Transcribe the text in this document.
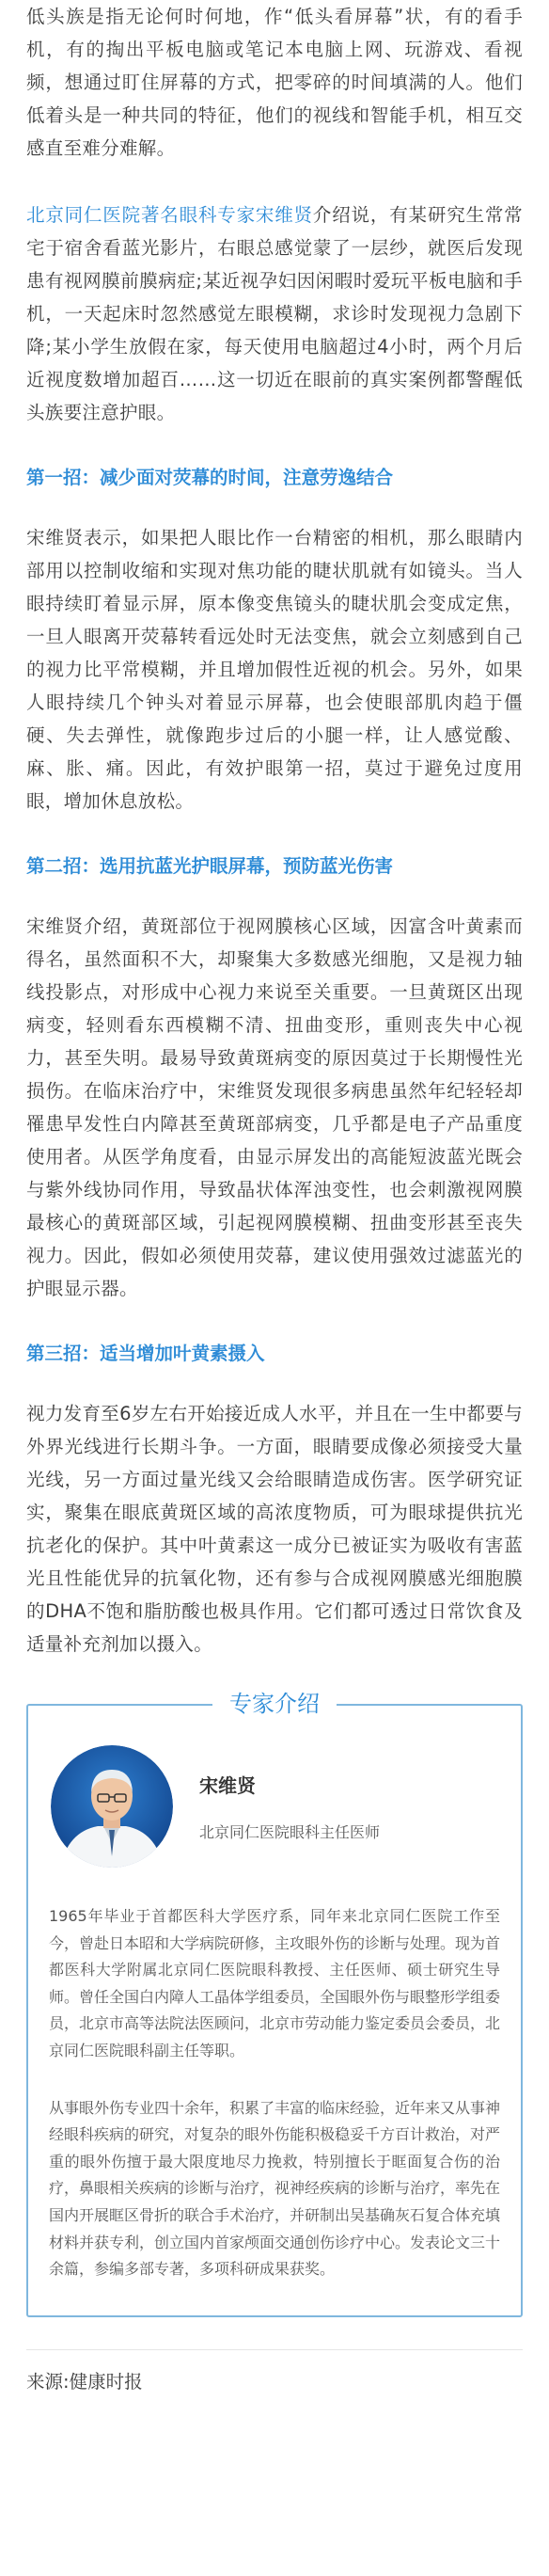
低头族是指无论何时何地，作“低头看屏幕”状，有的看手机，有的掏出平板电脑或笔记本电脑上网、玩游戏、看视频，想通过盯住屏幕的方式，把零碎的时间填满的人。他们低着头是一种共同的特征，他们的视线和智能手机，相互交感直至难分难解。

北京同仁医院著名眼科专家宋维贤介绍说，有某研究生常常宅于宿舍看蓝光影片，右眼总感觉蒙了一层纱，就医后发现患有视网膜前膜病症;某近视孕妇因闲暇时爱玩平板电脑和手机，一天起床时忽然感觉左眼模糊，求诊时发现视力急剧下降;某小学生放假在家，每天使用电脑超过4小时，两个月后近视度数增加超百……这一切近在眼前的真实案例都警醒低头族要注意护眼。

第一招：减少面对荧幕的时间，注意劳逸结合

宋维贤表示，如果把人眼比作一台精密的相机，那么眼睛内部用以控制收缩和实现对焦功能的睫状肌就有如镜头。当人眼持续盯着显示屏，原本像变焦镜头的睫状肌会变成定焦，一旦人眼离开荧幕转看远处时无法变焦，就会立刻感到自己的视力比平常模糊，并且增加假性近视的机会。另外，如果人眼持续几个钟头对着显示屏幕，也会使眼部肌肉趋于僵硬、失去弹性，就像跑步过后的小腿一样，让人感觉酸、麻、胀、痛。因此，有效护眼第一招，莫过于避免过度用眼，增加休息放松。

第二招：选用抗蓝光护眼屏幕，预防蓝光伤害

宋维贤介绍，黄斑部位于视网膜核心区域，因富含叶黄素而得名，虽然面积不大，却聚集大多数感光细胞，又是视力轴线投影点，对形成中心视力来说至关重要。一旦黄斑区出现病变，轻则看东西模糊不清、扭曲变形，重则丧失中心视力，甚至失明。最易导致黄斑病变的原因莫过于长期慢性光损伤。在临床治疗中，宋维贤发现很多病患虽然年纪轻轻却罹患早发性白内障甚至黄斑部病变，几乎都是电子产品重度使用者。从医学角度看，由显示屏发出的高能短波蓝光既会与紫外线协同作用，导致晶状体浑浊变性，也会刺激视网膜最核心的黄斑部区域，引起视网膜模糊、扭曲变形甚至丧失视力。因此，假如必须使用荧幕，建议使用强效过滤蓝光的护眼显示器。

第三招：适当增加叶黄素摄入

视力发育至6岁左右开始接近成人水平，并且在一生中都要与外界光线进行长期斗争。一方面，眼睛要成像必须接受大量光线，另一方面过量光线又会给眼睛造成伤害。医学研究证实，聚集在眼底黄斑区域的高浓度物质，可为眼球提供抗光抗老化的保护。其中叶黄素这一成分已被证实为吸收有害蓝光且性能优异的抗氧化物，还有参与合成视网膜感光细胞膜的DHA不饱和脂肪酸也极具作用。它们都可透过日常饮食及适量补充剂加以摄入。

专家介绍

宋维贤

北京同仁医院眼科主任医师

1965年毕业于首都医科大学医疗系，同年来北京同仁医院工作至今，曾赴日本昭和大学病院研修，主攻眼外伤的诊断与处理。现为首都医科大学附属北京同仁医院眼科教授、主任医师、硕士研究生导师。曾任全国白内障人工晶体学组委员，全国眼外伤与眼整形学组委员，北京市高等法院法医顾问，北京市劳动能力鉴定委员会委员，北京同仁医院眼科副主任等职。

从事眼外伤专业四十余年，积累了丰富的临床经验，近年来又从事神经眼科疾病的研究，对复杂的眼外伤能积极稳妥千方百计救治，对严重的眼外伤擅于最大限度地尽力挽救，特别擅长于眶面复合伤的治疗，鼻眼相关疾病的诊断与治疗，视神经疾病的诊断与治疗，率先在国内开展眶区骨折的联合手术治疗，并研制出吴基确灰石复合体充填材料并获专利，创立国内首家颅面交通创伤诊疗中心。发表论文三十余篇，参编多部专著，多项科研成果获奖。

来源:健康时报
